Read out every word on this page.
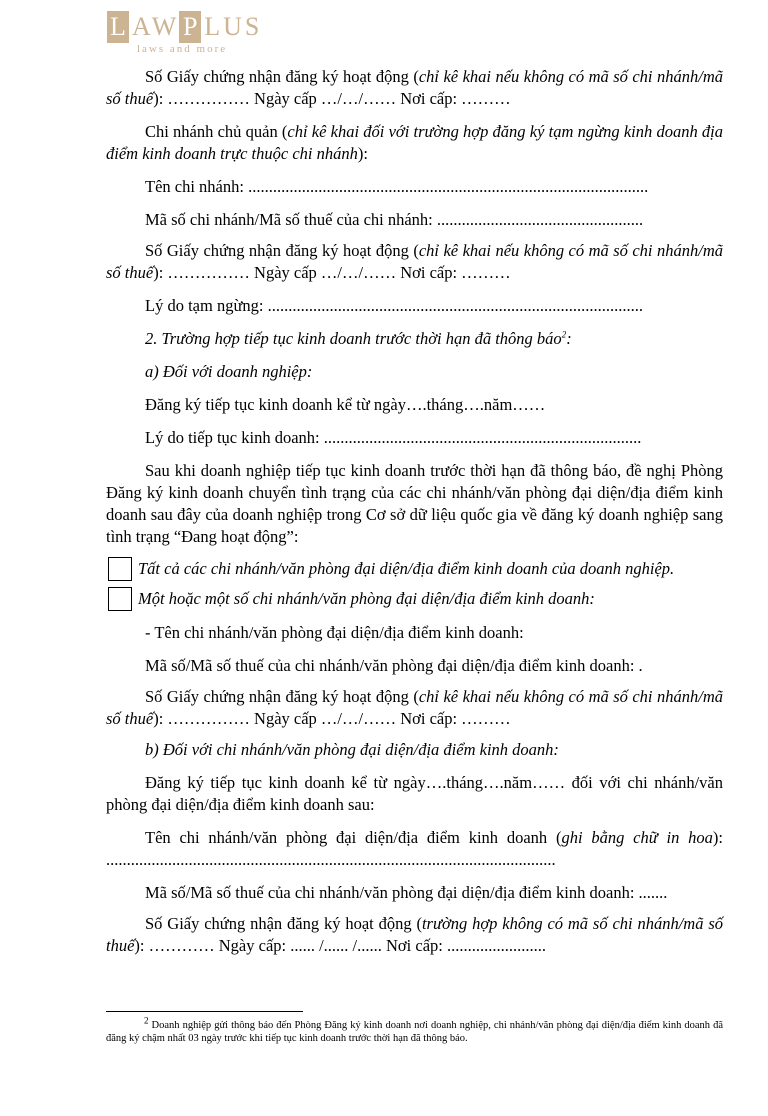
L AW P LUS
laws and more

Số Giấy chứng nhận đăng ký hoạt động (chỉ kê khai nếu không có mã số chi nhánh/mã số thuế): …………… Ngày cấp …/…/…… Nơi cấp: ………

Chi nhánh chủ quản (chỉ kê khai đối với trường hợp đăng ký tạm ngừng kinh doanh địa điểm kinh doanh trực thuộc chi nhánh):

Tên chi nhánh: .................................................................................................

Mã số chi nhánh/Mã số thuế của chi nhánh: ..................................................

Số Giấy chứng nhận đăng ký hoạt động (chỉ kê khai nếu không có mã số chi nhánh/mã số thuế): …………… Ngày cấp …/…/…… Nơi cấp: ………

Lý do tạm ngừng: ...........................................................................................

2. Trường hợp tiếp tục kinh doanh trước thời hạn đã thông báo$^2$:

a) Đối với doanh nghiệp:

Đăng ký tiếp tục kinh doanh kể từ ngày….tháng….năm……

Lý do tiếp tục kinh doanh: .............................................................................

Sau khi doanh nghiệp tiếp tục kinh doanh trước thời hạn đã thông báo, đề nghị Phòng Đăng ký kinh doanh chuyển tình trạng của các chi nhánh/văn phòng đại diện/địa điểm kinh doanh sau đây của doanh nghiệp trong Cơ sở dữ liệu quốc gia về đăng ký doanh nghiệp sang tình trạng “Đang hoạt động”:

Tất cả các chi nhánh/văn phòng đại diện/địa điểm kinh doanh của doanh nghiệp.
Một hoặc một số chi nhánh/văn phòng đại diện/địa điểm kinh doanh:

- Tên chi nhánh/văn phòng đại diện/địa điểm kinh doanh:

Mã số/Mã số thuế của chi nhánh/văn phòng đại diện/địa điểm kinh doanh: .

Số Giấy chứng nhận đăng ký hoạt động (chỉ kê khai nếu không có mã số chi nhánh/mã số thuế): …………… Ngày cấp …/…/…… Nơi cấp: ………

b) Đối với chi nhánh/văn phòng đại diện/địa điểm kinh doanh:

Đăng ký tiếp tục kinh doanh kể từ ngày….tháng….năm…… đối với chi nhánh/văn phòng đại diện/địa điểm kinh doanh sau:

Tên chi nhánh/văn phòng đại diện/địa điểm kinh doanh (ghi bằng chữ in hoa): .............................................................................................................

Mã số/Mã số thuế của chi nhánh/văn phòng đại diện/địa điểm kinh doanh: .......

Số Giấy chứng nhận đăng ký hoạt động (trường hợp không có mã số chi nhánh/mã số thuế): ………… Ngày cấp: ...... /...... /...... Nơi cấp: ........................

$^2$ Doanh nghiệp gửi thông báo đến Phòng Đăng ký kinh doanh nơi doanh nghiệp, chi nhánh/văn phòng đại diện/địa điểm kinh doanh đã đăng ký chậm nhất 03 ngày trước khi tiếp tục kinh doanh trước thời hạn đã thông báo.
